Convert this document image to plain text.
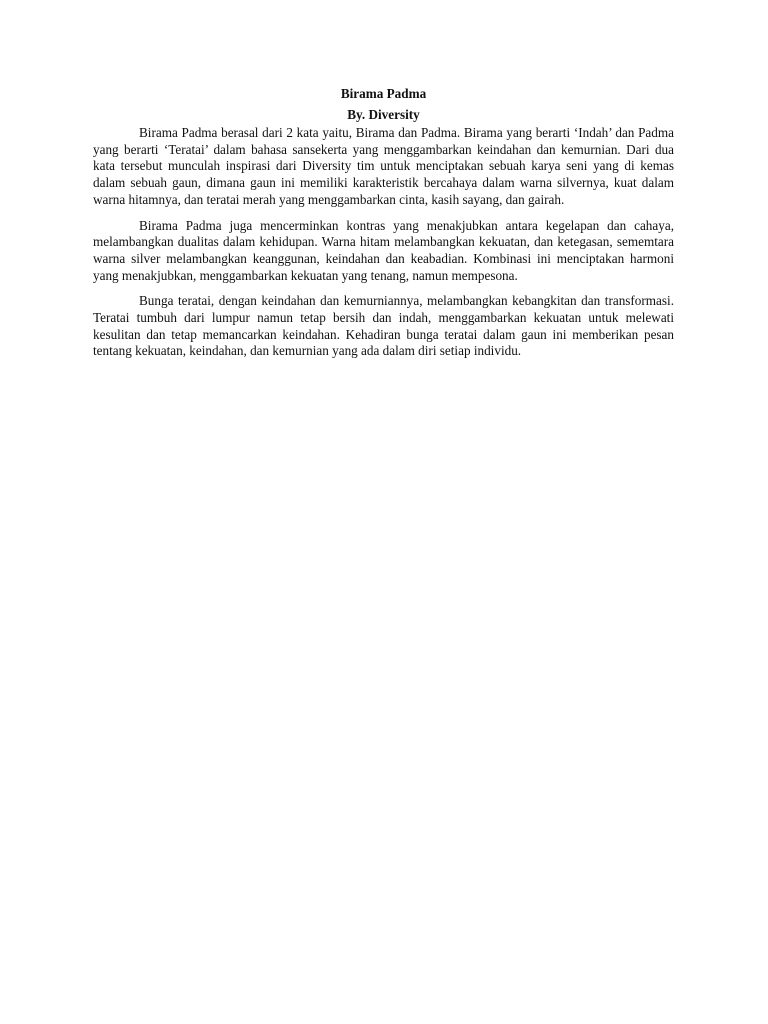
Birama Padma
By. Diversity

Birama Padma berasal dari 2 kata yaitu, Birama dan Padma. Birama yang berarti ‘Indah’ dan Padma yang berarti ‘Teratai’ dalam bahasa sansekerta yang menggambarkan keindahan dan kemurnian. Dari dua kata tersebut munculah inspirasi dari Diversity tim untuk menciptakan sebuah karya seni yang di kemas dalam sebuah gaun, dimana gaun ini memiliki karakteristik bercahaya dalam warna silvernya, kuat dalam warna hitamnya, dan teratai merah yang menggambarkan cinta, kasih sayang, dan gairah.

Birama Padma juga mencerminkan kontras yang menakjubkan antara kegelapan dan cahaya, melambangkan dualitas dalam kehidupan. Warna hitam melambangkan kekuatan, dan ketegasan, sememtara warna silver melambangkan keanggunan, keindahan dan keabadian. Kombinasi ini menciptakan harmoni yang menakjubkan, menggambarkan kekuatan yang tenang, namun mempesona.

Bunga teratai, dengan keindahan dan kemurniannya, melambangkan kebangkitan dan transformasi. Teratai tumbuh dari lumpur namun tetap bersih dan indah, menggambarkan kekuatan untuk melewati kesulitan dan tetap memancarkan keindahan. Kehadiran bunga teratai dalam gaun ini memberikan pesan tentang kekuatan, keindahan, dan kemurnian yang ada dalam diri setiap individu.
